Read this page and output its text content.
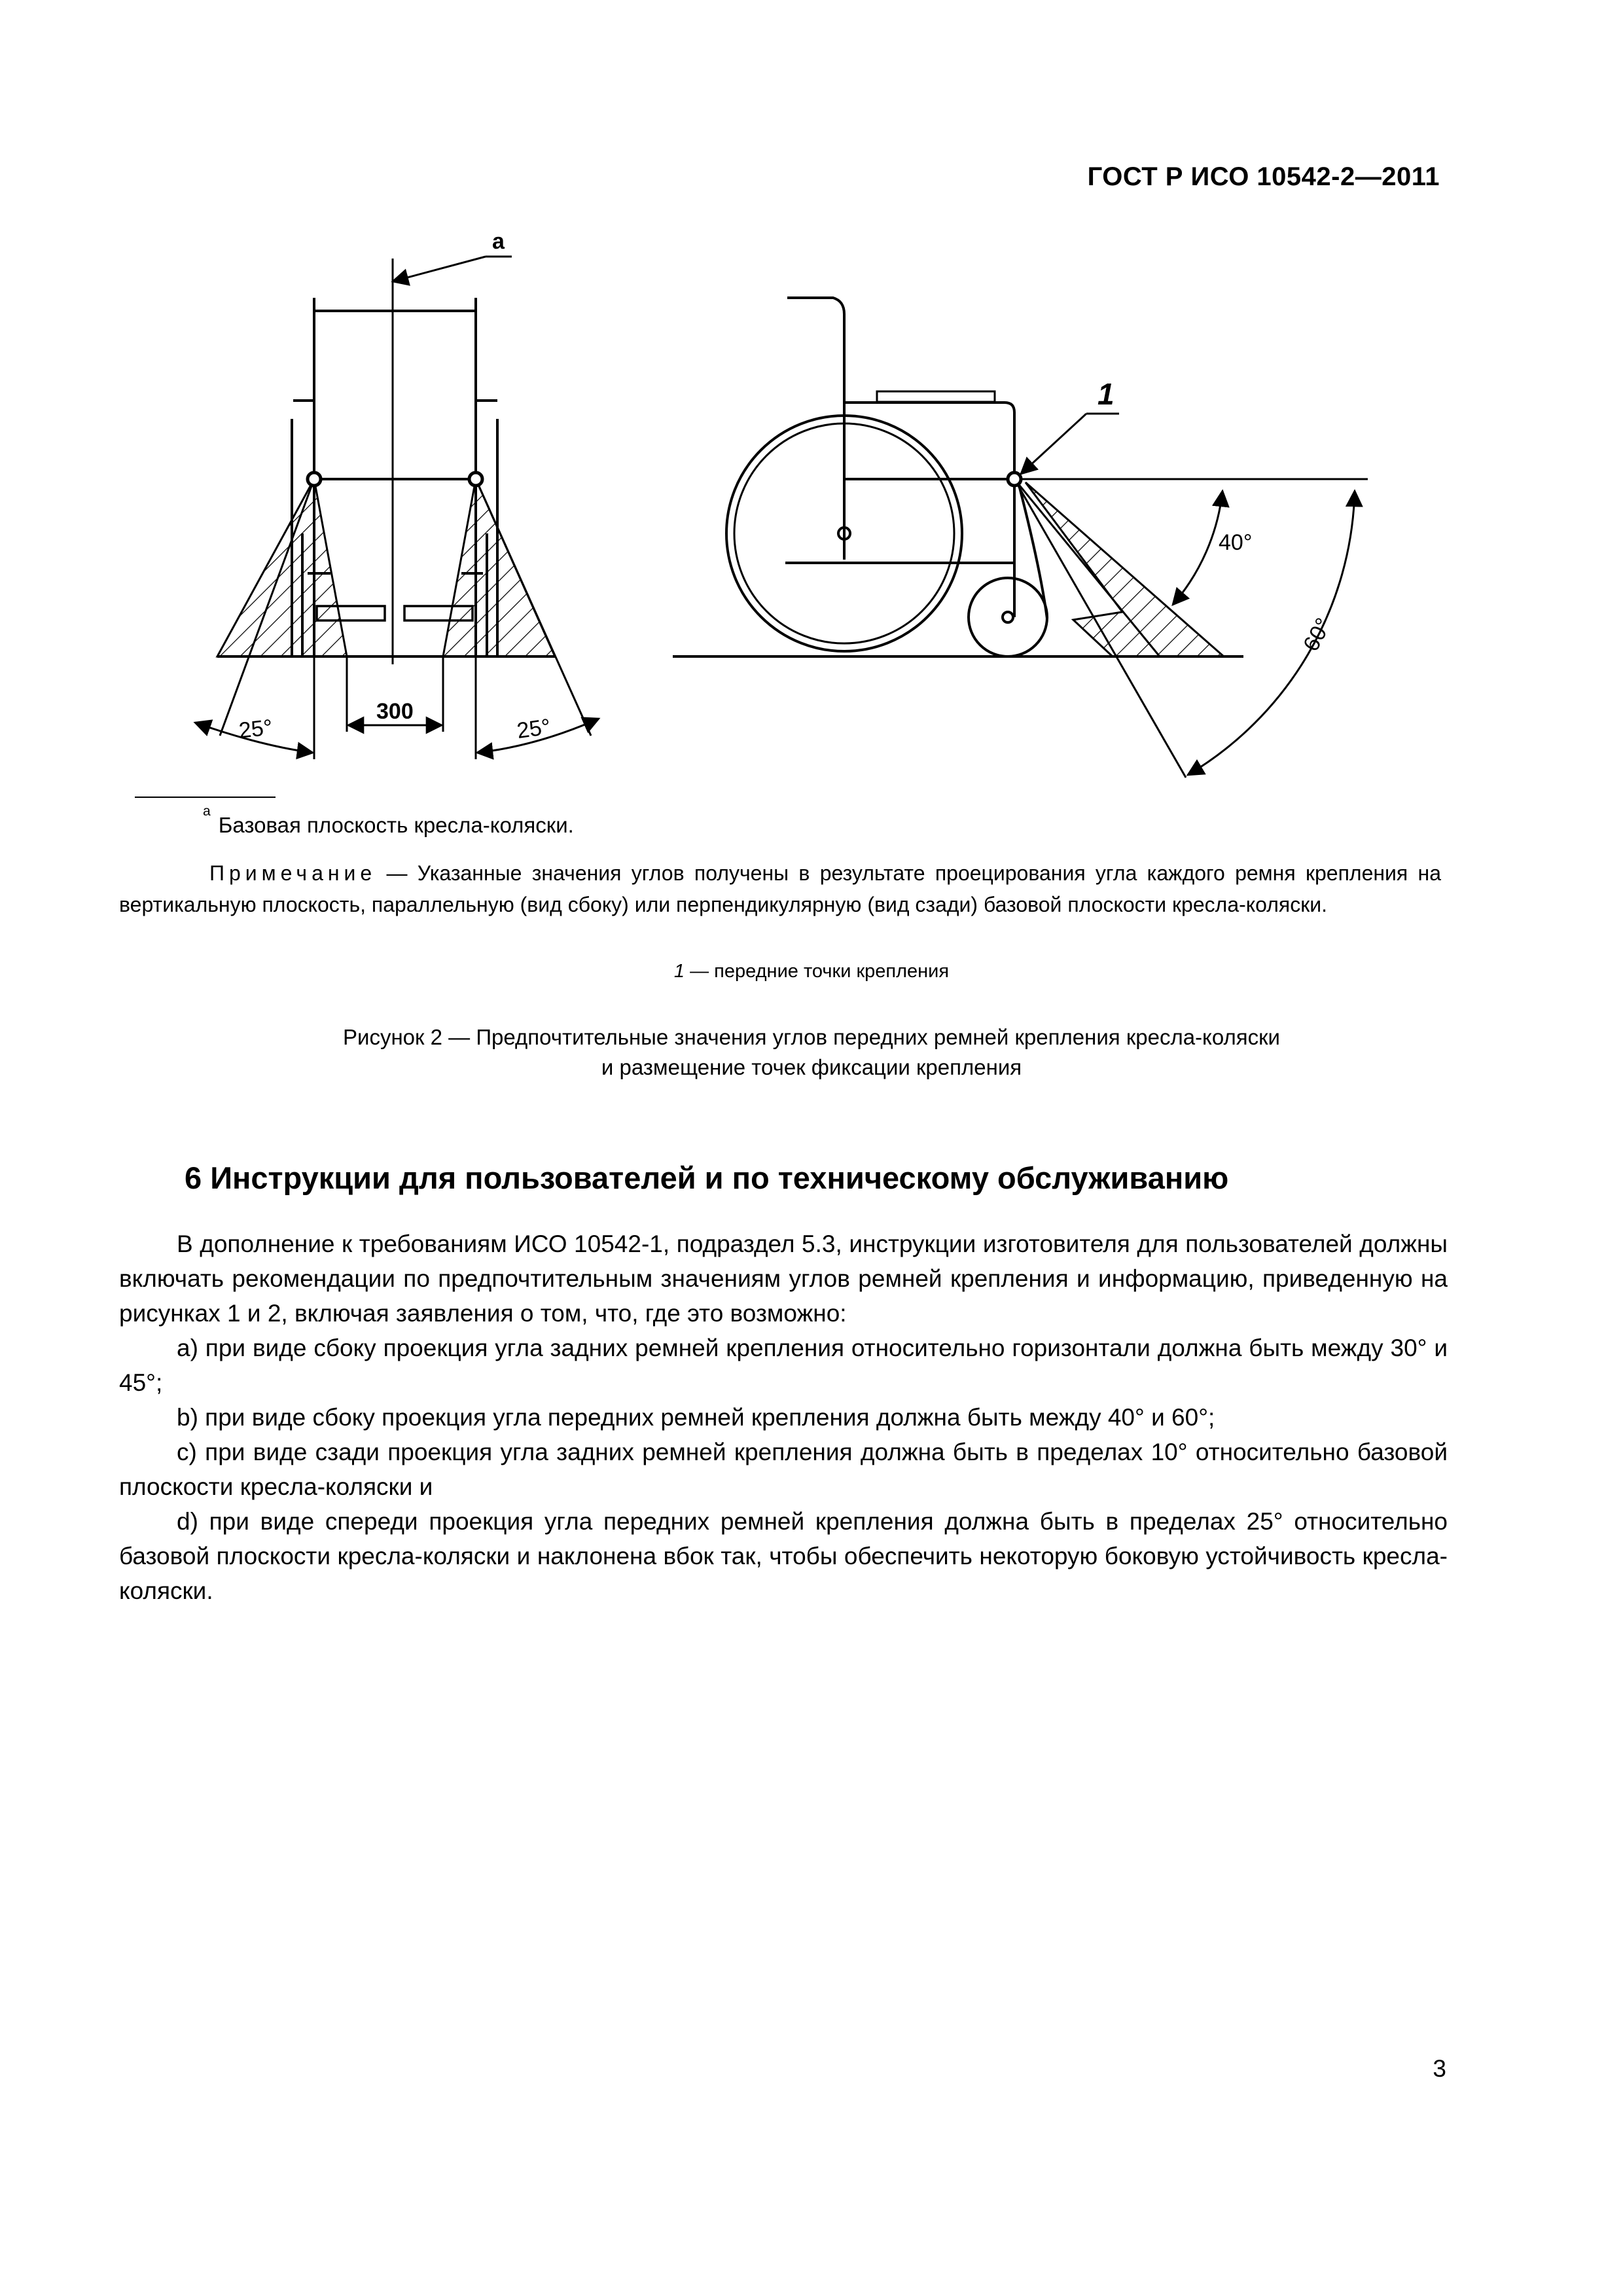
ГОСТ Р ИСО 10542-2—2011
a
25°	25°
300
1
40°
60°
$^a$Базовая плоскость кресла-коляски.
Примечание — Указанные значения углов получены в результате проецирования угла каждого ремня крепления на вертикальную плоскость, параллельную (вид сбоку) или перпендикулярную (вид сзади) базовой плоскости кресла-коляски.
1 — передние точки крепления
Рисунок 2 — Предпочтительные значения углов передних ремней крепления кресла-коляски
и размещение точек фиксации крепления
6 Инструкции для пользователей и по техническому обслуживанию

В дополнение к требованиям ИСО 10542-1, подраздел 5.3, инструкции изготовителя для пользователей должны включать рекомендации по предпочтительным значениям углов ремней крепления и информацию, приведенную на рисунках 1 и 2, включая заявления о том, что, где это возможно:

a) при виде сбоку проекция угла задних ремней крепления относительно горизонтали должна быть между 30° и 45°;

b) при виде сбоку проекция угла передних ремней крепления должна быть между 40° и 60°;

c) при виде сзади проекция угла задних ремней крепления должна быть в пределах 10° относительно базовой плоскости кресла-коляски и

d) при виде спереди проекция угла передних ремней крепления должна быть в пределах 25° относительно базовой плоскости кресла-коляски и наклонена вбок так, чтобы обеспечить некоторую боковую устойчивость кресла-коляски.

3
